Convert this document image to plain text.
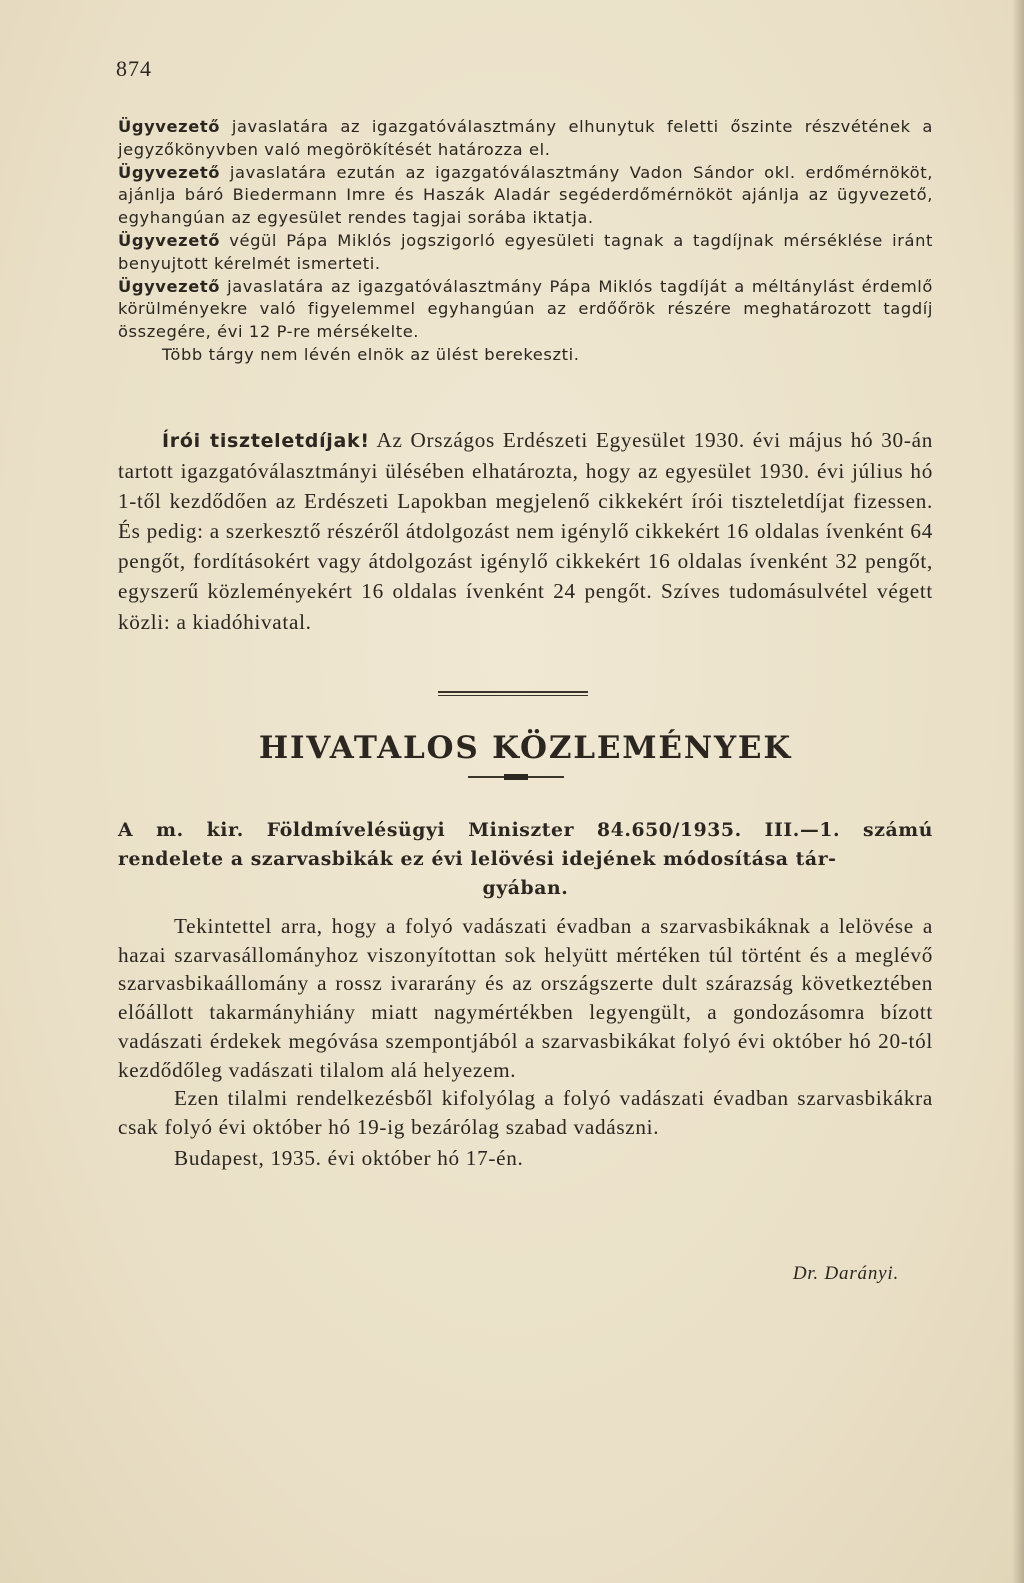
874

Ügyvezető javaslatára az igazgatóválasztmány elhunytuk feletti őszinte részvétének a jegyzőkönyvben való megörökítését határozza el.

Ügyvezető javaslatára ezután az igazgatóválasztmány Vadon Sándor okl. erdőmérnököt, ajánlja báró Biedermann Imre és Haszák Aladár segéderdőmérnököt ajánlja az ügyvezető, egyhangúan az egyesület rendes tagjai sorába iktatja.

Ügyvezető végül Pápa Miklós jogszigorló egyesületi tagnak a tagdíjnak mérséklése iránt benyujtott kérelmét ismerteti.

Ügyvezető javaslatára az igazgatóválasztmány Pápa Miklós tagdíját a méltánylást érdemlő körülményekre való figyelemmel egyhangúan az erdőőrök részére meghatározott tagdíj összegére, évi 12 P-re mérsékelte.

Több tárgy nem lévén elnök az ülést berekeszti.

Írói tiszteletdíjak! Az Országos Erdészeti Egyesület 1930. évi május hó 30-án tartott igazgatóválasztmányi ülésében elhatározta, hogy az egyesület 1930. évi július hó 1-től kezdődően az Erdészeti Lapokban megjelenő cikkekért írói tiszteletdíjat fizessen. És pedig: a szerkesztő részéről átdolgozást nem igénylő cikkekért 16 oldalas ívenként 64 pengőt, fordításokért vagy átdolgozást igénylő cikkekért 16 oldalas ívenként 32 pengőt, egyszerű közleményekért 16 oldalas ívenként 24 pengőt. Szíves tudomásulvétel végett közli: a kiadóhivatal.

HIVATALOS KÖZLEMÉNYEK
A m. kir. Földmívelésügyi Miniszter 84.650/1935. III.—1. számú rendelete a szarvasbikák ez évi lelövési idejének módosítása tár-
gyában.

Tekintettel arra, hogy a folyó vadászati évadban a szarvasbikáknak a lelövése a hazai szarvasállományhoz viszonyítottan sok helyütt mértéken túl történt és a meglévő szarvasbikaállomány a rossz ivararány és az országszerte dult szárazság következtében előállott takarmányhiány miatt nagymértékben legyengült, a gondozásomra bízott vadászati érdekek megóvása szempontjából a szarvasbikákat folyó évi október hó 20-tól kezdődőleg vadászati tilalom alá helyezem.

Ezen tilalmi rendelkezésből kifolyólag a folyó vadászati évadban szarvasbikákra csak folyó évi október hó 19-ig bezárólag szabad vadászni.

Budapest, 1935. évi október hó 17-én.

Dr. Darányi.
